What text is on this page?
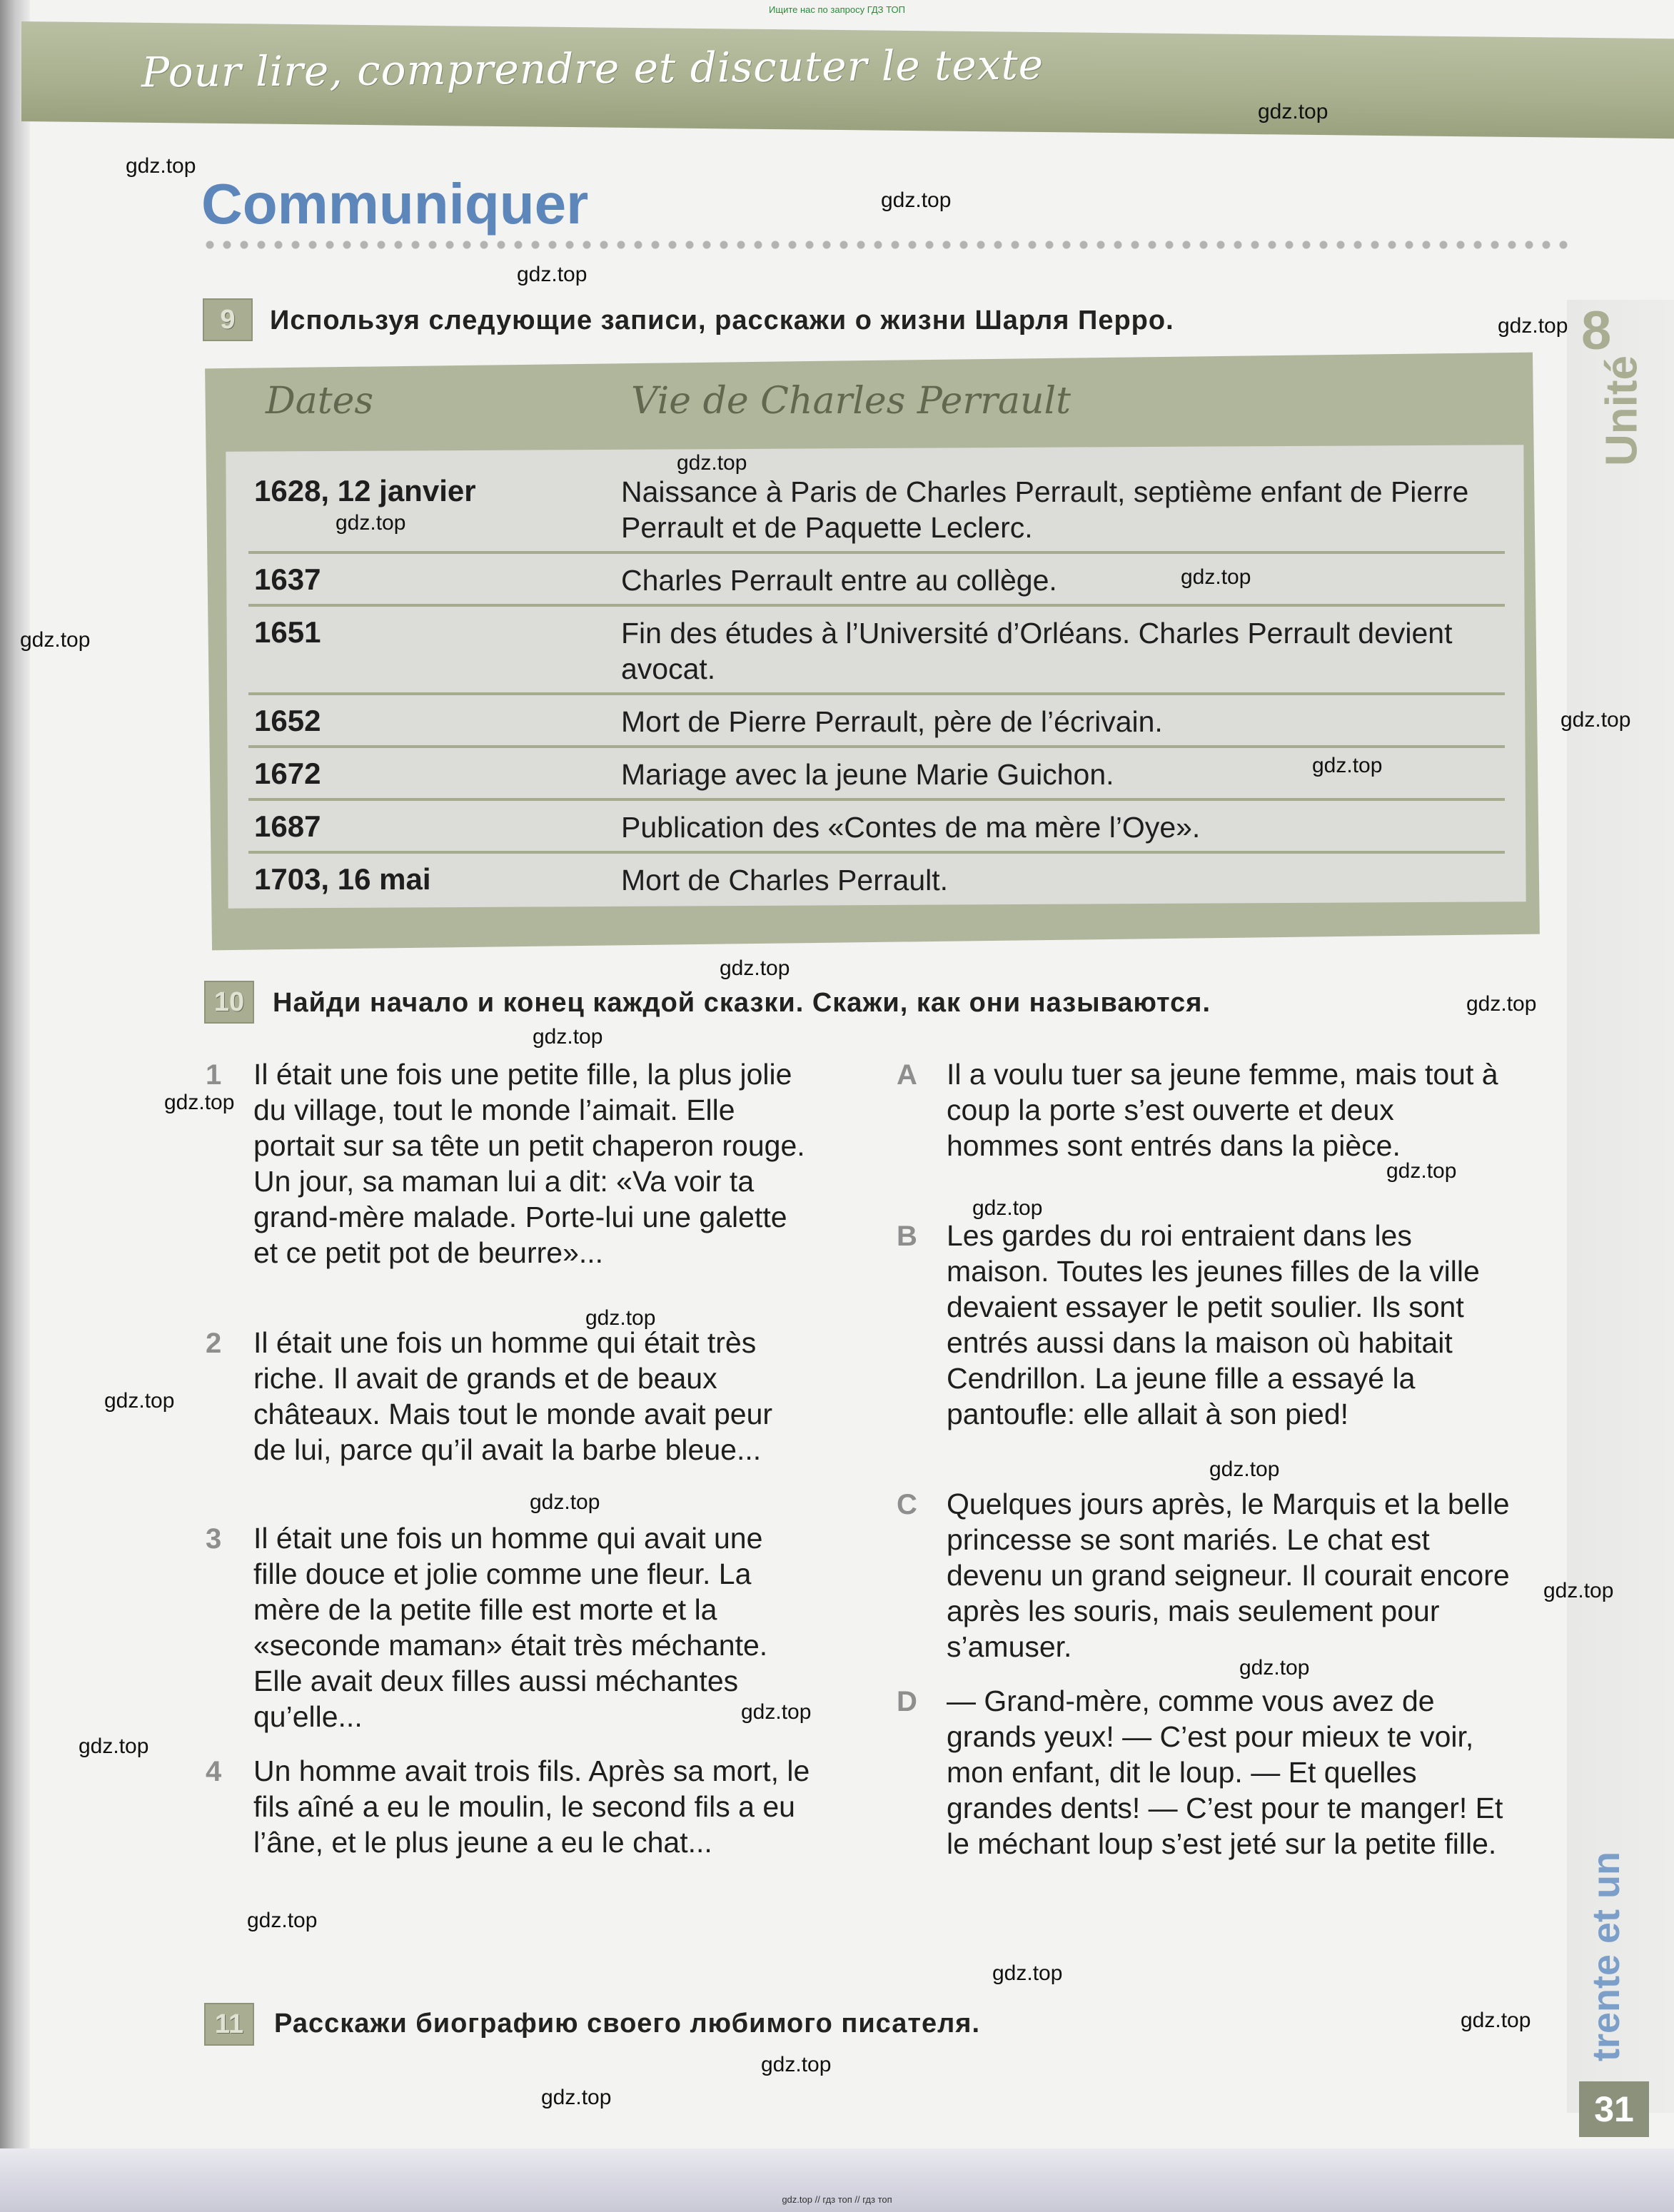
Ищите нас по запросу ГДЗ ТОП
Pour lire, comprendre et discuter le texte
Communiquer
8
Unité
9	Используя следующие записи, расскажи о жизни Шарля Перро.
Dates	Vie de Charles Perrault
1628, 12 janvier	Naissance à Paris de Charles Perrault, septième enfant de Pierre Perrault et de Paquette Leclerc.
1637	Charles Perrault entre au collège.
1651	Fin des études à l’Université d’Orléans. Charles Perrault devient avocat.
1652	Mort de Pierre Perrault, père de l’écrivain.
1672	Mariage avec la jeune Marie Guichon.
1687	Publication des «Contes de ma mère l’Oye».
1703, 16 mai	Mort de Charles Perrault.
10	Найди начало и конец каждой сказки. Скажи, как они называются.
1 Il était une fois une petite fille, la plus jolie du village, tout le monde l’aimait. Elle portait sur sa tête un petit chaperon rouge. Un jour, sa maman lui a dit: «Va voir ta grand-mère malade. Porte-lui une galette et ce petit pot de beurre»...
2 Il était une fois un homme qui était très riche. Il avait de grands et de beaux châteaux. Mais tout le monde avait peur de lui, parce qu’il avait la barbe bleue...
3 Il était une fois un homme qui avait une fille douce et jolie comme une fleur. La mère de la petite fille est morte et la «seconde maman» était très méchante. Elle avait deux filles aussi méchantes qu’elle...
4 Un homme avait trois fils. Après sa mort, le fils aîné a eu le moulin, le second fils a eu l’âne, et le plus jeune a eu le chat...
A Il a voulu tuer sa jeune femme, mais tout à coup la porte s’est ouverte et deux hommes sont entrés dans la pièce.
B Les gardes du roi entraient dans les maison. Toutes les jeunes filles de la ville devaient essayer le petit soulier. Ils sont entrés aussi dans la maison où habitait Cendrillon. La jeune fille a essayé la pantoufle: elle allait à son pied!
C Quelques jours après, le Marquis et la belle princesse se sont mariés. Le chat est devenu un grand seigneur. Il courait encore après les souris, mais seulement pour s’amuser.
D — Grand-mère, comme vous avez de grands yeux! — C’est pour mieux te voir, mon enfant, dit le loup. — Et quelles grandes dents! — C’est pour te manger! Et le méchant loup s’est jeté sur la petite fille.
11	Расскажи биографию своего любимого писателя.	trente et un
31
gdz.top
gdz.top
gdz.top
gdz.top
gdz.top
gdz.top
gdz.top
gdz.top
gdz.top
gdz.top
gdz.top
gdz.top
gdz.top
gdz.top
gdz.top
gdz.top
gdz.top
gdz.top
gdz.top
gdz.top
gdz.top
gdz.top
gdz.top
gdz.top
gdz.top
gdz.top
gdz.top
gdz.top
gdz.top
gdz.top
gdz.top // гдз топ // гдз топ
